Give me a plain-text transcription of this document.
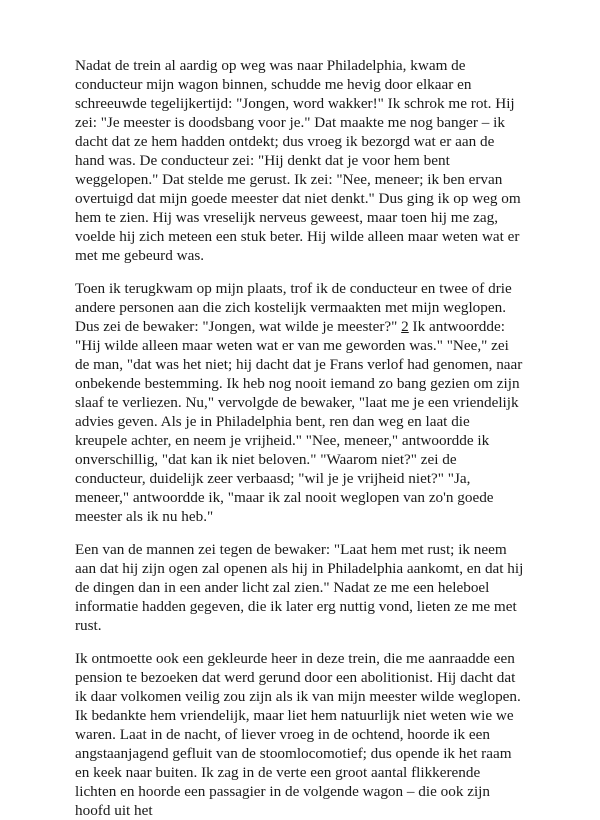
Nadat de trein al aardig op weg was naar Philadelphia, kwam de conducteur mijn wagon binnen, schudde me hevig door elkaar en schreeuwde tegelijkertijd: "Jongen, word wakker!" Ik schrok me rot. Hij zei: "Je meester is doodsbang voor je." Dat maakte me nog banger – ik dacht dat ze hem hadden ontdekt; dus vroeg ik bezorgd wat er aan de hand was. De conducteur zei: "Hij denkt dat je voor hem bent weggelopen." Dat stelde me gerust. Ik zei: "Nee, meneer; ik ben ervan overtuigd dat mijn goede meester dat niet denkt." Dus ging ik op weg om hem te zien. Hij was vreselijk nerveus geweest, maar toen hij me zag, voelde hij zich meteen een stuk beter. Hij wilde alleen maar weten wat er met me gebeurd was.

Toen ik terugkwam op mijn plaats, trof ik de conducteur en twee of drie andere personen aan die zich kostelijk vermaakten met mijn weglopen. Dus zei de bewaker: "Jongen, wat wilde je meester?" 2 Ik antwoordde: "Hij wilde alleen maar weten wat er van me geworden was." "Nee," zei de man, "dat was het niet; hij dacht dat je Frans verlof had genomen, naar onbekende bestemming. Ik heb nog nooit iemand zo bang gezien om zijn slaaf te verliezen. Nu," vervolgde de bewaker, "laat me je een vriendelijk advies geven. Als je in Philadelphia bent, ren dan weg en laat die kreupele achter, en neem je vrijheid." "Nee, meneer," antwoordde ik onverschillig, "dat kan ik niet beloven." "Waarom niet?" zei de conducteur, duidelijk zeer verbaasd; "wil je je vrijheid niet?" "Ja, meneer," antwoordde ik, "maar ik zal nooit weglopen van zo'n goede meester als ik nu heb."

Een van de mannen zei tegen de bewaker: "Laat hem met rust; ik neem aan dat hij zijn ogen zal openen als hij in Philadelphia aankomt, en dat hij de dingen dan in een ander licht zal zien." Nadat ze me een heleboel informatie hadden gegeven, die ik later erg nuttig vond, lieten ze me met rust.

Ik ontmoette ook een gekleurde heer in deze trein, die me aanraadde een pension te bezoeken dat werd gerund door een abolitionist. Hij dacht dat ik daar volkomen veilig zou zijn als ik van mijn meester wilde weglopen. Ik bedankte hem vriendelijk, maar liet hem natuurlijk niet weten wie we waren. Laat in de nacht, of liever vroeg in de ochtend, hoorde ik een angstaanjagend gefluit van de stoomlocomotief; dus opende ik het raam en keek naar buiten. Ik zag in de verte een groot aantal flikkerende lichten en hoorde een passagier in de volgende wagon – die ook zijn hoofd uit het
